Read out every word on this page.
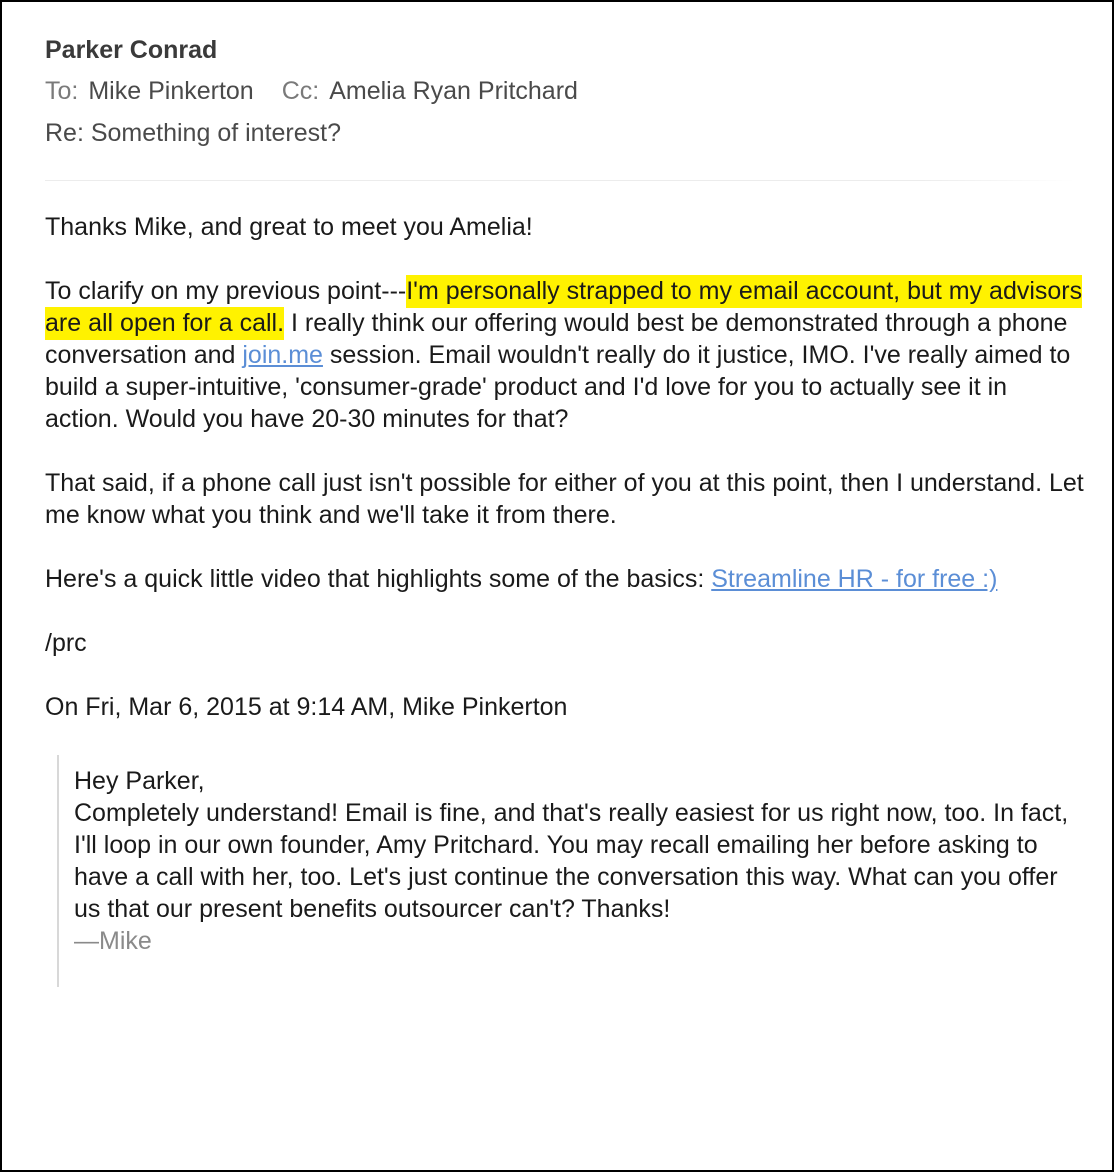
Parker Conrad
To: Mike Pinkerton Cc: Amelia Ryan Pritchard
Re: Something of interest?

Thanks Mike, and great to meet you Amelia!

To clarify on my previous point---I'm personally strapped to my email account, but my advisors are all open for a call. I really think our offering would best be demonstrated through a phone conversation and join.me session. Email wouldn't really do it justice, IMO. I've really aimed to build a super-intuitive, 'consumer-grade' product and I'd love for you to actually see it in action. Would you have 20-30 minutes for that?

That said, if a phone call just isn't possible for either of you at this point, then I understand. Let me know what you think and we'll take it from there.

Here's a quick little video that highlights some of the basics: Streamline HR - for free :)

/prc

On Fri, Mar 6, 2015 at 9:14 AM, Mike Pinkerton

Hey Parker,

Completely understand! Email is fine, and that's really easiest for us right now, too. In fact, I'll loop in our own founder, Amy Pritchard. You may recall emailing her before asking to have a call with her, too. Let's just continue the conversation this way. What can you offer us that our present benefits outsourcer can't? Thanks!

—Mike
